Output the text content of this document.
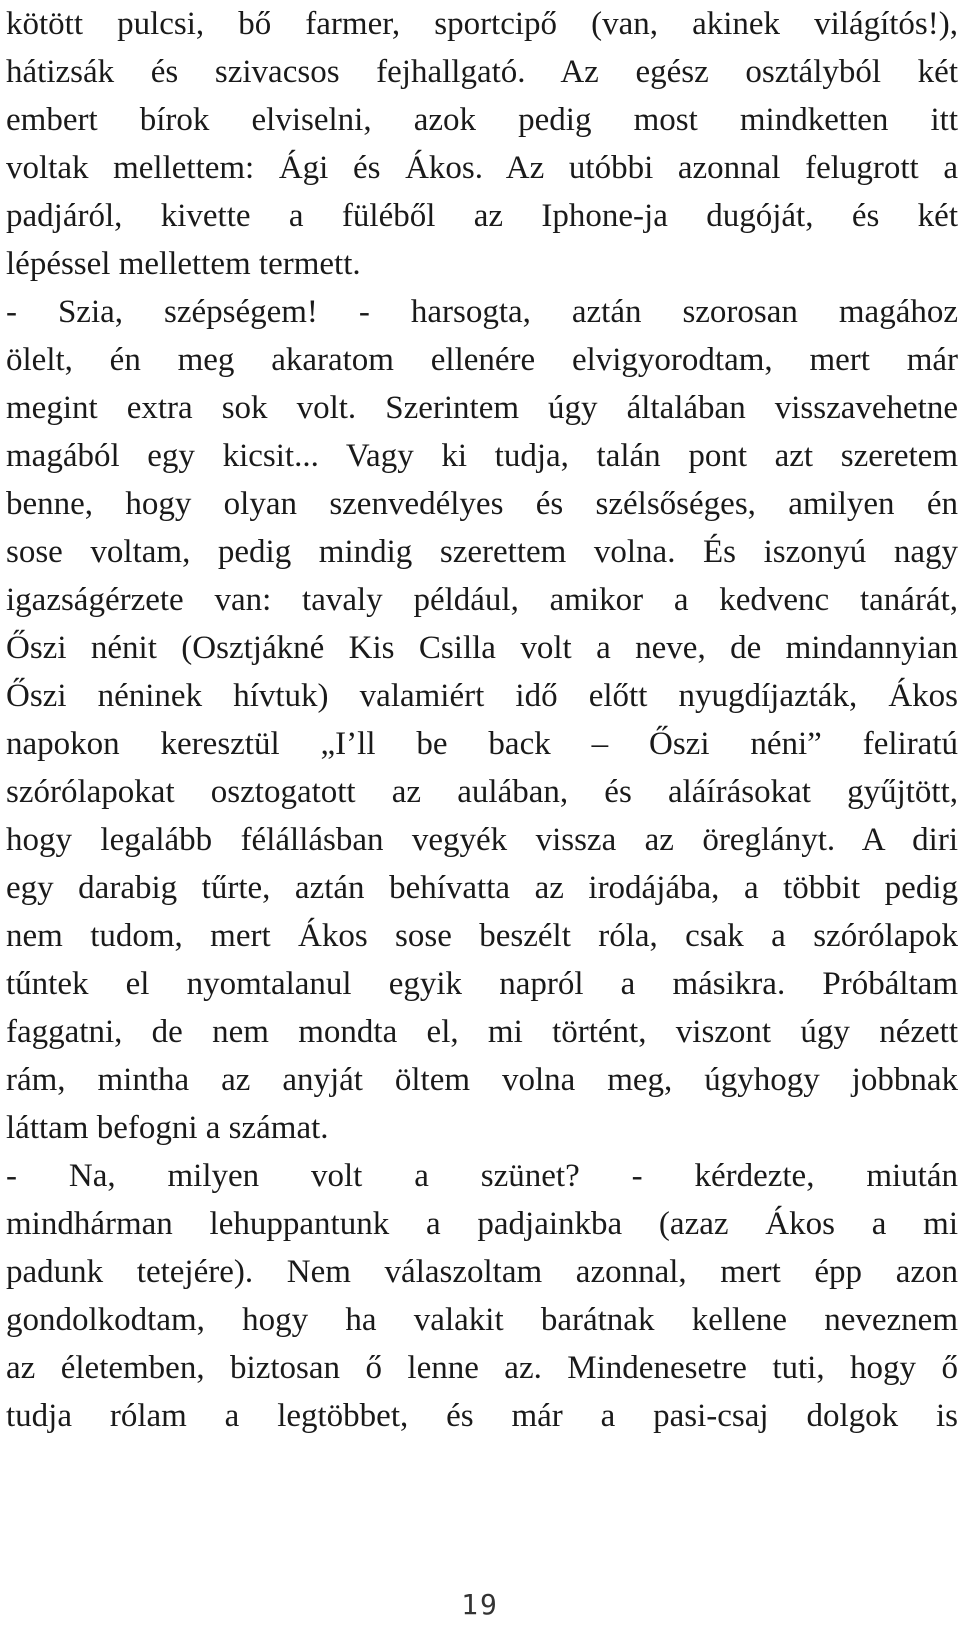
kötött pulcsi, bő farmer, sportcipő (van, akinek világítós!),
hátizsák és szivacsos fejhallgató. Az egész osztályból két
embert bírok elviselni, azok pedig most mindketten itt
voltak mellettem: Ági és Ákos. Az utóbbi azonnal felugrott a
padjáról, kivette a füléből az Iphone-ja dugóját, és két
lépéssel mellettem termett.
- Szia, szépségem! - harsogta, aztán szorosan magához
ölelt, én meg akaratom ellenére elvigyorodtam, mert már
megint extra sok volt. Szerintem úgy általában visszavehetne
magából egy kicsit... Vagy ki tudja, talán pont azt szeretem
benne, hogy olyan szenvedélyes és szélsőséges, amilyen én
sose voltam, pedig mindig szerettem volna. És iszonyú nagy
igazságérzete van: tavaly például, amikor a kedvenc tanárát,
Őszi nénit (Osztjákné Kis Csilla volt a neve, de mindannyian
Őszi néninek hívtuk) valamiért idő előtt nyugdíjazták, Ákos
napokon keresztül „I’ll be back – Őszi néni” feliratú
szórólapokat osztogatott az aulában, és aláírásokat gyűjtött,
hogy legalább félállásban vegyék vissza az öreglányt. A diri
egy darabig tűrte, aztán behívatta az irodájába, a többit pedig
nem tudom, mert Ákos sose beszélt róla, csak a szórólapok
tűntek el nyomtalanul egyik napról a másikra. Próbáltam
faggatni, de nem mondta el, mi történt, viszont úgy nézett
rám, mintha az anyját öltem volna meg, úgyhogy jobbnak
láttam befogni a számat.
- Na, milyen volt a szünet? - kérdezte, miután
mindhárman lehuppantunk a padjainkba (azaz Ákos a mi
padunk tetejére). Nem válaszoltam azonnal, mert épp azon
gondolkodtam, hogy ha valakit barátnak kellene neveznem
az életemben, biztosan ő lenne az. Mindenesetre tuti, hogy ő
tudja rólam a legtöbbet, és már a pasi-csaj dolgok is
19
